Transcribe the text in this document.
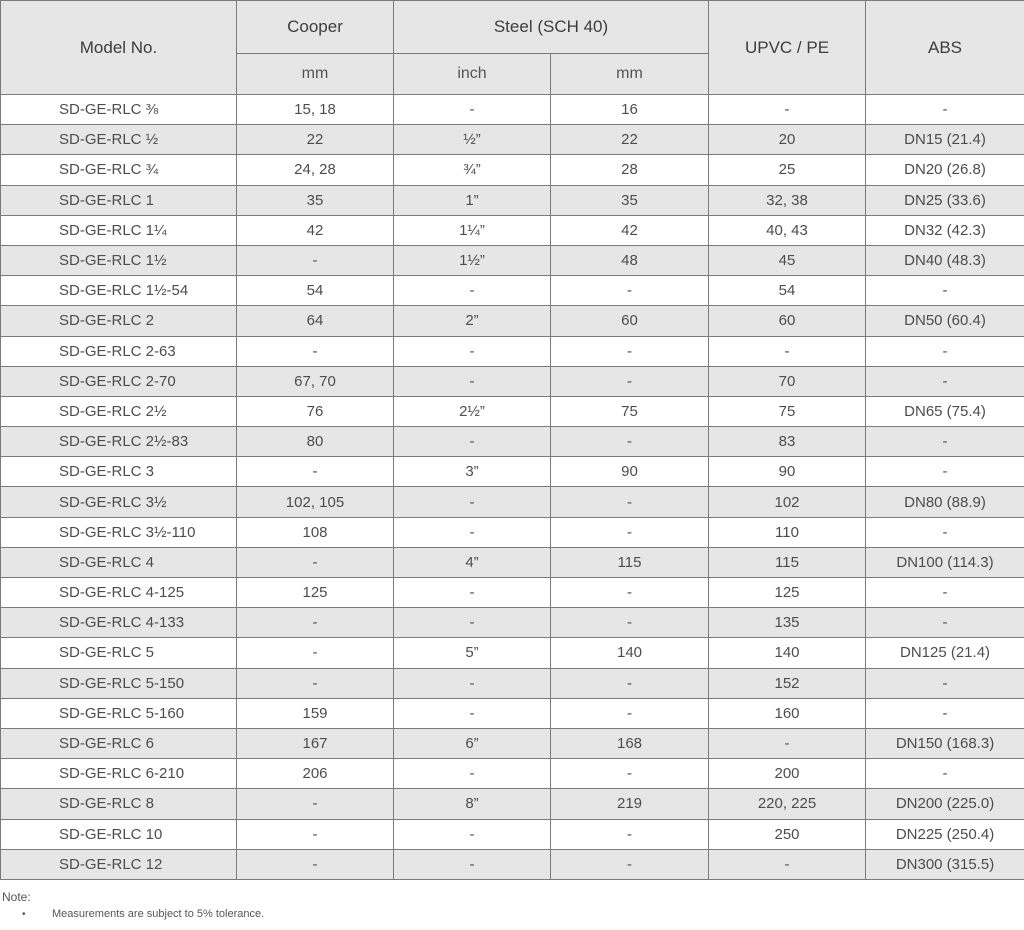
Model No.	Cooper	Steel (SCH 40)		UPVC / PE	ABS
	mm	inch	mm		
SD-GE-RLC ⅜	15, 18	-	16	-	-
SD-GE-RLC ½	22	½”	22	20	DN15 (21.4)
SD-GE-RLC ¾	24, 28	¾”	28	25	DN20 (26.8)
SD-GE-RLC 1	35	1”	35	32, 38	DN25 (33.6)
SD-GE-RLC 1¼	42	1¼”	42	40, 43	DN32 (42.3)
SD-GE-RLC 1½	-	1½”	48	45	DN40 (48.3)
SD-GE-RLC 1½-54	54	-	-	54	-
SD-GE-RLC 2	64	2”	60	60	DN50 (60.4)
SD-GE-RLC 2-63	-	-	-	-	-
SD-GE-RLC 2-70	67, 70	-	-	70	-
SD-GE-RLC 2½	76	2½”	75	75	DN65 (75.4)
SD-GE-RLC 2½-83	80	-	-	83	-
SD-GE-RLC 3	-	3”	90	90	-
SD-GE-RLC 3½	102, 105	-	-	102	DN80 (88.9)
SD-GE-RLC 3½-110	108	-	-	110	-
SD-GE-RLC 4	-	4”	115	115	DN100 (114.3)
SD-GE-RLC 4-125	125	-	-	125	-
SD-GE-RLC 4-133	-	-	-	135	-
SD-GE-RLC 5	-	5”	140	140	DN125 (21.4)
SD-GE-RLC 5-150	-	-	-	152	-
SD-GE-RLC 5-160	159	-	-	160	-
SD-GE-RLC 6	167	6”	168	-	DN150 (168.3)
SD-GE-RLC 6-210	206	-	-	200	-
SD-GE-RLC 8	-	8”	219	220, 225	DN200 (225.0)
SD-GE-RLC 10	-	-	-	250	DN225 (250.4)
SD-GE-RLC 12	-	-	-	-	DN300 (315.5)
Note:
•	Measurements are subject to 5% tolerance.
